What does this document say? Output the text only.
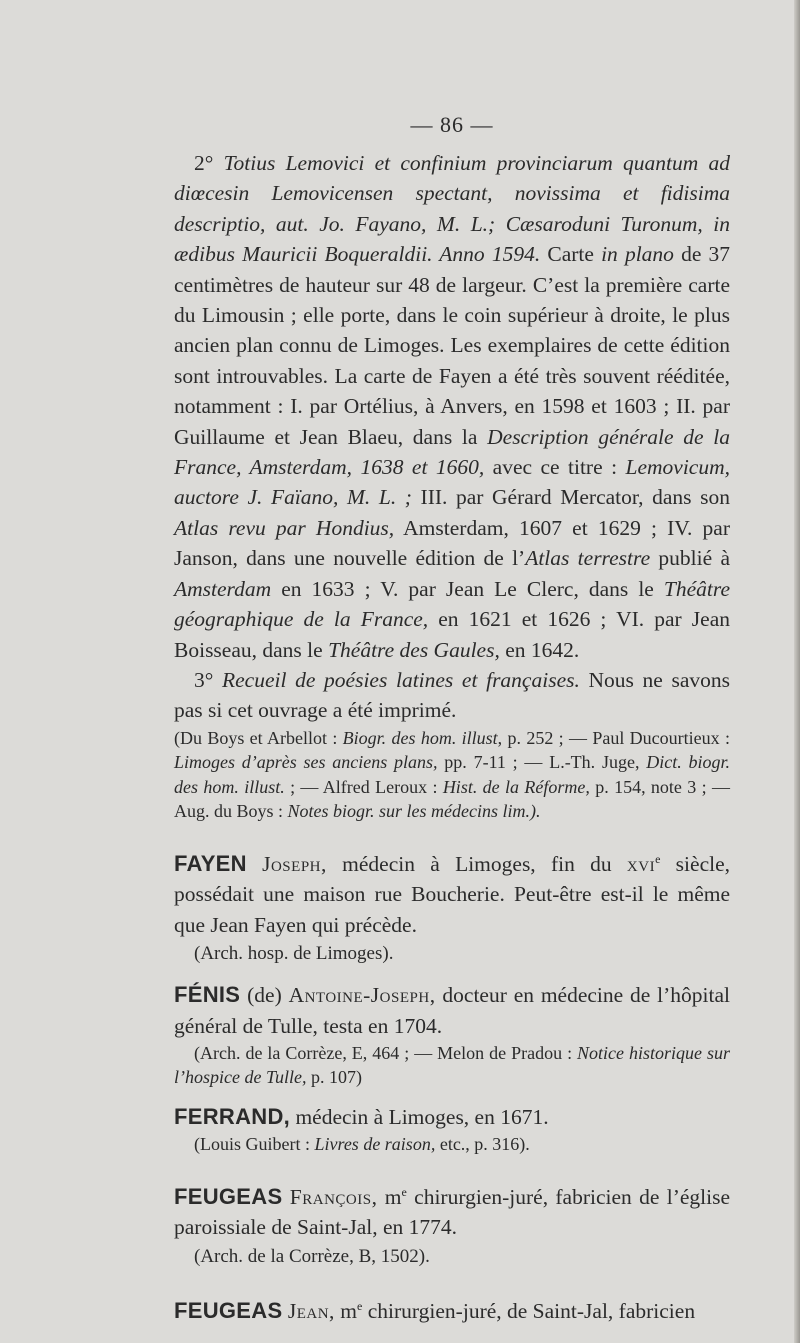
— 86 —

2° Totius Lemovici et confinium provinciarum quantum ad diœcesin Lemovicensen spectant, novissima et fidisima descriptio, aut. Jo. Fayano, M. L.; Cæsaroduni Turonum, in ædibus Mauricii Boqueraldii. Anno 1594. Carte in plano de 37 centimètres de hauteur sur 48 de largeur. C’est la première carte du Limousin ; elle porte, dans le coin supérieur à droite, le plus ancien plan connu de Limoges. Les exemplaires de cette édition sont introuvables. La carte de Fayen a été très souvent rééditée, notamment : I. par Ortélius, à Anvers, en 1598 et 1603 ; II. par Guillaume et Jean Blaeu, dans la Description générale de la France, Amsterdam, 1638 et 1660, avec ce titre : Lemovicum, auctore J. Faïano, M. L. ; III. par Gérard Mercator, dans son Atlas revu par Hondius, Amsterdam, 1607 et 1629 ; IV. par Janson, dans une nouvelle édition de l’Atlas terrestre publié à Amsterdam en 1633 ; V. par Jean Le Clerc, dans le Théâtre géographique de la France, en 1621 et 1626 ; VI. par Jean Boisseau, dans le Théâtre des Gaules, en 1642.

3° Recueil de poésies latines et françaises. Nous ne savons pas si cet ouvrage a été imprimé.

(Du Boys et Arbellot : Biogr. des hom. illust, p. 252 ; — Paul Ducourtieux : Limoges d’après ses anciens plans, pp. 7-11 ; — L.-Th. Juge, Dict. biogr. des hom. illust. ; — Alfred Leroux : Hist. de la Réforme, p. 154, note 3 ; — Aug. du Boys : Notes biogr. sur les médecins lim.).

FAYEN Joseph, médecin à Limoges, fin du xvi$^e$ siècle, possédait une maison rue Boucherie. Peut-être est-il le même que Jean Fayen qui précède.

(Arch. hosp. de Limoges).

FÉNIS (de) Antoine-Joseph, docteur en médecine de l’hôpital général de Tulle, testa en 1704.

(Arch. de la Corrèze, E, 464 ; — Melon de Pradou : Notice historique sur l’hospice de Tulle, p. 107)

FERRAND, médecin à Limoges, en 1671.

(Louis Guibert : Livres de raison, etc., p. 316).

FEUGEAS François, $m^e$ chirurgien-juré, fabricien de l’église paroissiale de Saint-Jal, en 1774.

(Arch. de la Corrèze, B, 1502).

FEUGEAS Jean, $m^e$ chirurgien-juré, de Saint-Jal, fabricien
